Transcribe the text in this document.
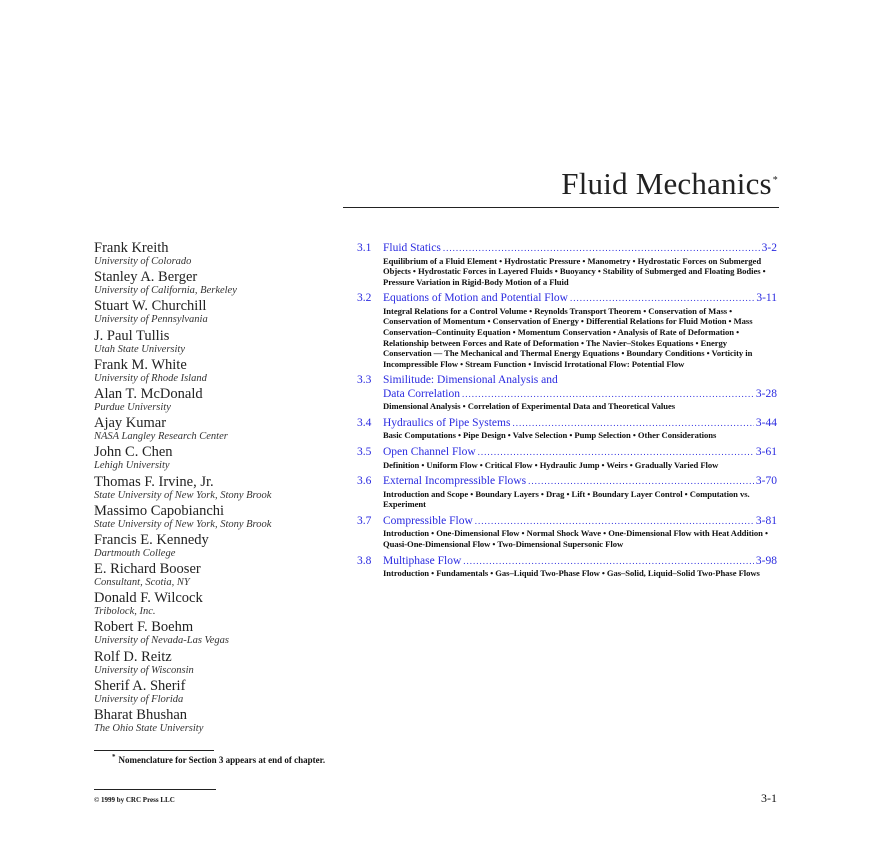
Fluid Mechanics*
Frank Kreith
University of Colorado
Stanley A. Berger
University of California, Berkeley
Stuart W. Churchill
University of Pennsylvania
J. Paul Tullis
Utah State University
Frank M. White
University of Rhode Island
Alan T. McDonald
Purdue University
Ajay Kumar
NASA Langley Research Center
John C. Chen
Lehigh University
Thomas F. Irvine, Jr.
State University of New York, Stony Brook
Massimo Capobianchi
State University of New York, Stony Brook
Francis E. Kennedy
Dartmouth College
E. Richard Booser
Consultant, Scotia, NY
Donald F. Wilcock
Tribolock, Inc.
Robert F. Boehm
University of Nevada-Las Vegas
Rolf D. Reitz
University of Wisconsin
Sherif A. Sherif
University of Florida
Bharat Bhushan
The Ohio State University
3.1	Fluid Statics .....	3-2

Equilibrium of a Fluid Element • Hydrostatic Pressure • Manometry • Hydrostatic Forces on Submerged Objects • Hydrostatic Forces in Layered Fluids • Buoyancy • Stability of Submerged and Floating Bodies • Pressure Variation in Rigid-Body Motion of a Fluid

3.2	Equations of Motion and Potential Flow .....	3-11

Integral Relations for a Control Volume • Reynolds Transport Theorem • Conservation of Mass • Conservation of Momentum • Conservation of Energy • Differential Relations for Fluid Motion • Mass Conservation–Continuity Equation • Momentum Conservation • Analysis of Rate of Deformation • Relationship between Forces and Rate of Deformation • The Navier–Stokes Equations • Energy Conservation — The Mechanical and Thermal Energy Equations • Boundary Conditions • Vorticity in Incompressible Flow • Stream Function • Inviscid Irrotational Flow: Potential Flow

3.3	Similitude: Dimensional Analysis and
Data Correlation .....	3-28

Dimensional Analysis • Correlation of Experimental Data and Theoretical Values

3.4	Hydraulics of Pipe Systems .....	3-44

Basic Computations • Pipe Design • Valve Selection • Pump Selection • Other Considerations

3.5	Open Channel Flow .....	3-61

Definition • Uniform Flow • Critical Flow • Hydraulic Jump • Weirs • Gradually Varied Flow

3.6	External Incompressible Flows .....	3-70

Introduction and Scope • Boundary Layers • Drag • Lift • Boundary Layer Control • Computation vs. Experiment

3.7	Compressible Flow .....	3-81

Introduction • One-Dimensional Flow • Normal Shock Wave • One-Dimensional Flow with Heat Addition • Quasi-One-Dimensional Flow • Two-Dimensional Supersonic Flow

3.8	Multiphase Flow .....	3-98

Introduction • Fundamentals • Gas–Liquid Two-Phase Flow • Gas–Solid, Liquid–Solid Two-Phase Flows

* Nomenclature for Section 3 appears at end of chapter.
© 1999 by CRC Press LLC	3-1
